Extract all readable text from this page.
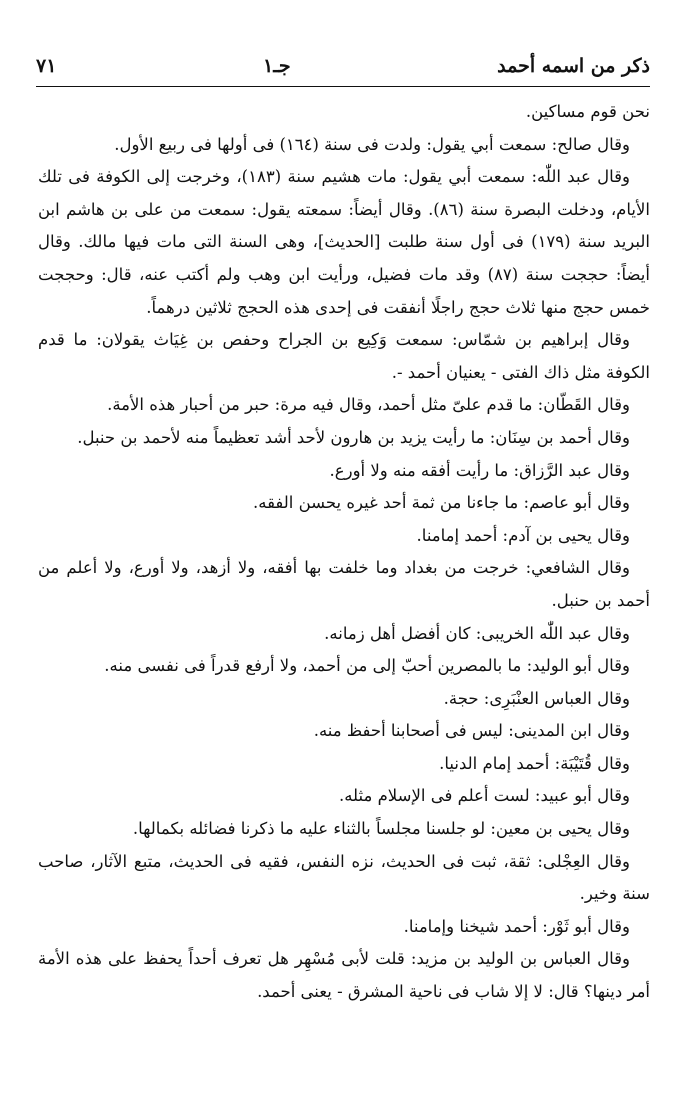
ذكر من اسمه أحمد
جـ١
٧١

نحن قوم مساكين.

وقال صالح: سمعت أبي يقول: ولدت فى سنة (١٦٤) فى أولها فى ربيع الأول.

وقال عبد اللّٰه: سمعت أبي يقول: مات هشيم سنة (١٨٣)، وخرجت إلى الكوفة فى تلك الأيام، ودخلت البصرة سنة (٨٦). وقال أيضاً: سمعته يقول: سمعت من على بن هاشم ابن البريد سنة (١٧٩) فى أول سنة طلبت [الحديث]، وهى السنة التى مات فيها مالك. وقال أيضاً: حججت سنة (٨٧) وقد مات فضيل، ورأيت ابن وهب ولم أكتب عنه، قال: وحججت خمس حجج منها ثلاث حجج راجلًا أنفقت فى إحدى هذه الحجج ثلاثين درهماً.

وقال إبراهيم بن شمّاس: سمعت وَكِيع بن الجراح وحفص بن غِيَاث يقولان: ما قدم الكوفة مثل ذاك الفتى - يعنيان أحمد -.

وقال القَطّان: ما قدم علىّ مثل أحمد، وقال فيه مرة: حبر من أحبار هذه الأمة.

وقال أحمد بن سِنَان: ما رأيت يزيد بن هارون لأحد أشد تعظيماً منه لأحمد بن حنبل.

وقال عبد الرَّزاق: ما رأيت أفقه منه ولا أورع.

وقال أبو عاصم: ما جاءنا من ثمة أحد غيره يحسن الفقه.

وقال يحيى بن آدم: أحمد إمامنا.

وقال الشافعي: خرجت من بغداد وما خلفت بها أفقه، ولا أزهد، ولا أورع، ولا أعلم من أحمد بن حنبل.

وقال عبد اللّٰه الخريبى: كان أفضل أهل زمانه.

وقال أبو الوليد: ما بالمصرين أحبّ إلى من أحمد، ولا أرفع قدراً فى نفسى منه.

وقال العباس العنْبَرِى: حجة.

وقال ابن المدينى: ليس فى أصحابنا أحفظ منه.

وقال قُتَيْبَة: أحمد إمام الدنيا.

وقال أبو عبيد: لست أعلم فى الإسلام مثله.

وقال يحيى بن معين: لو جلسنا مجلساً بالثناء عليه ما ذكرنا فضائله بكمالها.

وقال العِجْلى: ثقة، ثبت فى الحديث، نزه النفس، فقيه فى الحديث، متبع الآثار، صاحب سنة وخير.

وقال أبو ثَوْر: أحمد شيخنا وإمامنا.

وقال العباس بن الوليد بن مزيد: قلت لأبى مُسْهِر هل تعرف أحداً يحفظ على هذه الأمة أمر دينها؟ قال: لا إلا شاب فى ناحية المشرق - يعنى أحمد.
